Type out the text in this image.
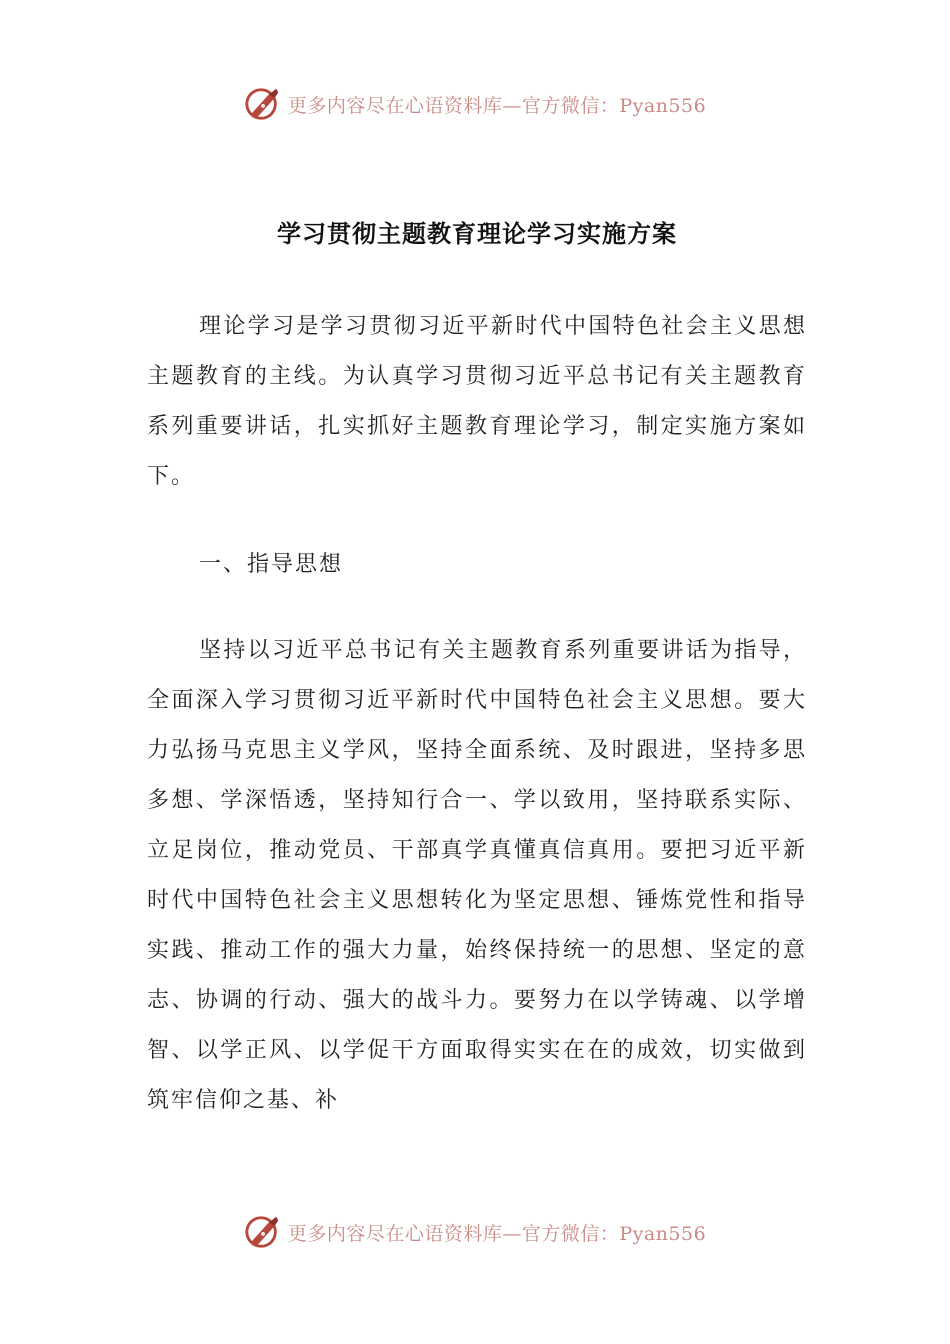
更多内容尽在心语资料库—官方微信：Pyan556
学习贯彻主题教育理论学习实施方案

理论学习是学习贯彻习近平新时代中国特色社会主义思想主题教育的主线。为认真学习贯彻习近平总书记有关主题教育系列重要讲话，扎实抓好主题教育理论学习，制定实施方案如下。

一、指导思想

坚持以习近平总书记有关主题教育系列重要讲话为指导，全面深入学习贯彻习近平新时代中国特色社会主义思想。要大力弘扬马克思主义学风，坚持全面系统、及时跟进，坚持多思多想、学深悟透，坚持知行合一、学以致用，坚持联系实际、立足岗位，推动党员、干部真学真懂真信真用。要把习近平新时代中国特色社会主义思想转化为坚定思想、锤炼党性和指导实践、推动工作的强大力量，始终保持统一的思想、坚定的意志、协调的行动、强大的战斗力。要努力在以学铸魂、以学增智、以学正风、以学促干方面取得实实在在的成效，切实做到筑牢信仰之基、补

更多内容尽在心语资料库—官方微信：Pyan556
